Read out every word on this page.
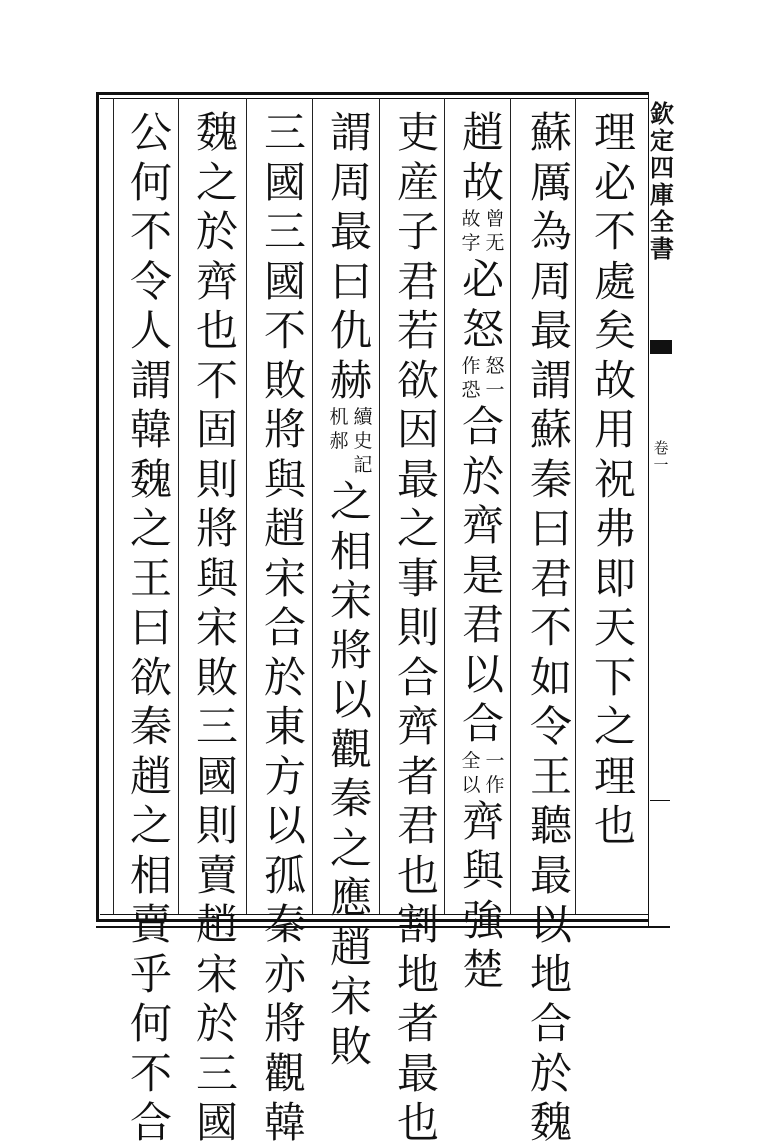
理
必
不
處
矣
故
用
祝
弗
即
天
下
之
理
也
蘇
厲
為
周
最
謂
蘇
秦
曰
君
不
如
令
王
聽
最
以
地
合
於
魏
趙
故
曾
无
故
字
必
怒
怒
一
作
恐
合
於
齊
是
君
以
合
一
作
全
以
齊
與
強
楚
吏
産
子
君
若
欲
因
最
之
事
則
合
齊
者
君
也
割
地
者
最
也
謂
周
最
曰
仇
赫
續
史
記
机
郝
之
相
宋
將
以
觀
秦
之
應
趙
宋
敗
三
國
三
國
不
敗
將
與
趙
宋
合
於
東
方
以
孤
秦
亦
將
觀
韓
魏
之
於
齊
也
不
固
則
將
與
宋
敗
三
國
則
賣
趙
宋
於
三
國
公
何
不
令
人
謂
韓
魏
之
王
曰
欲
秦
趙
之
相
賣
乎
何
不
合
欽
定
四
庫
全
書
卷
一
